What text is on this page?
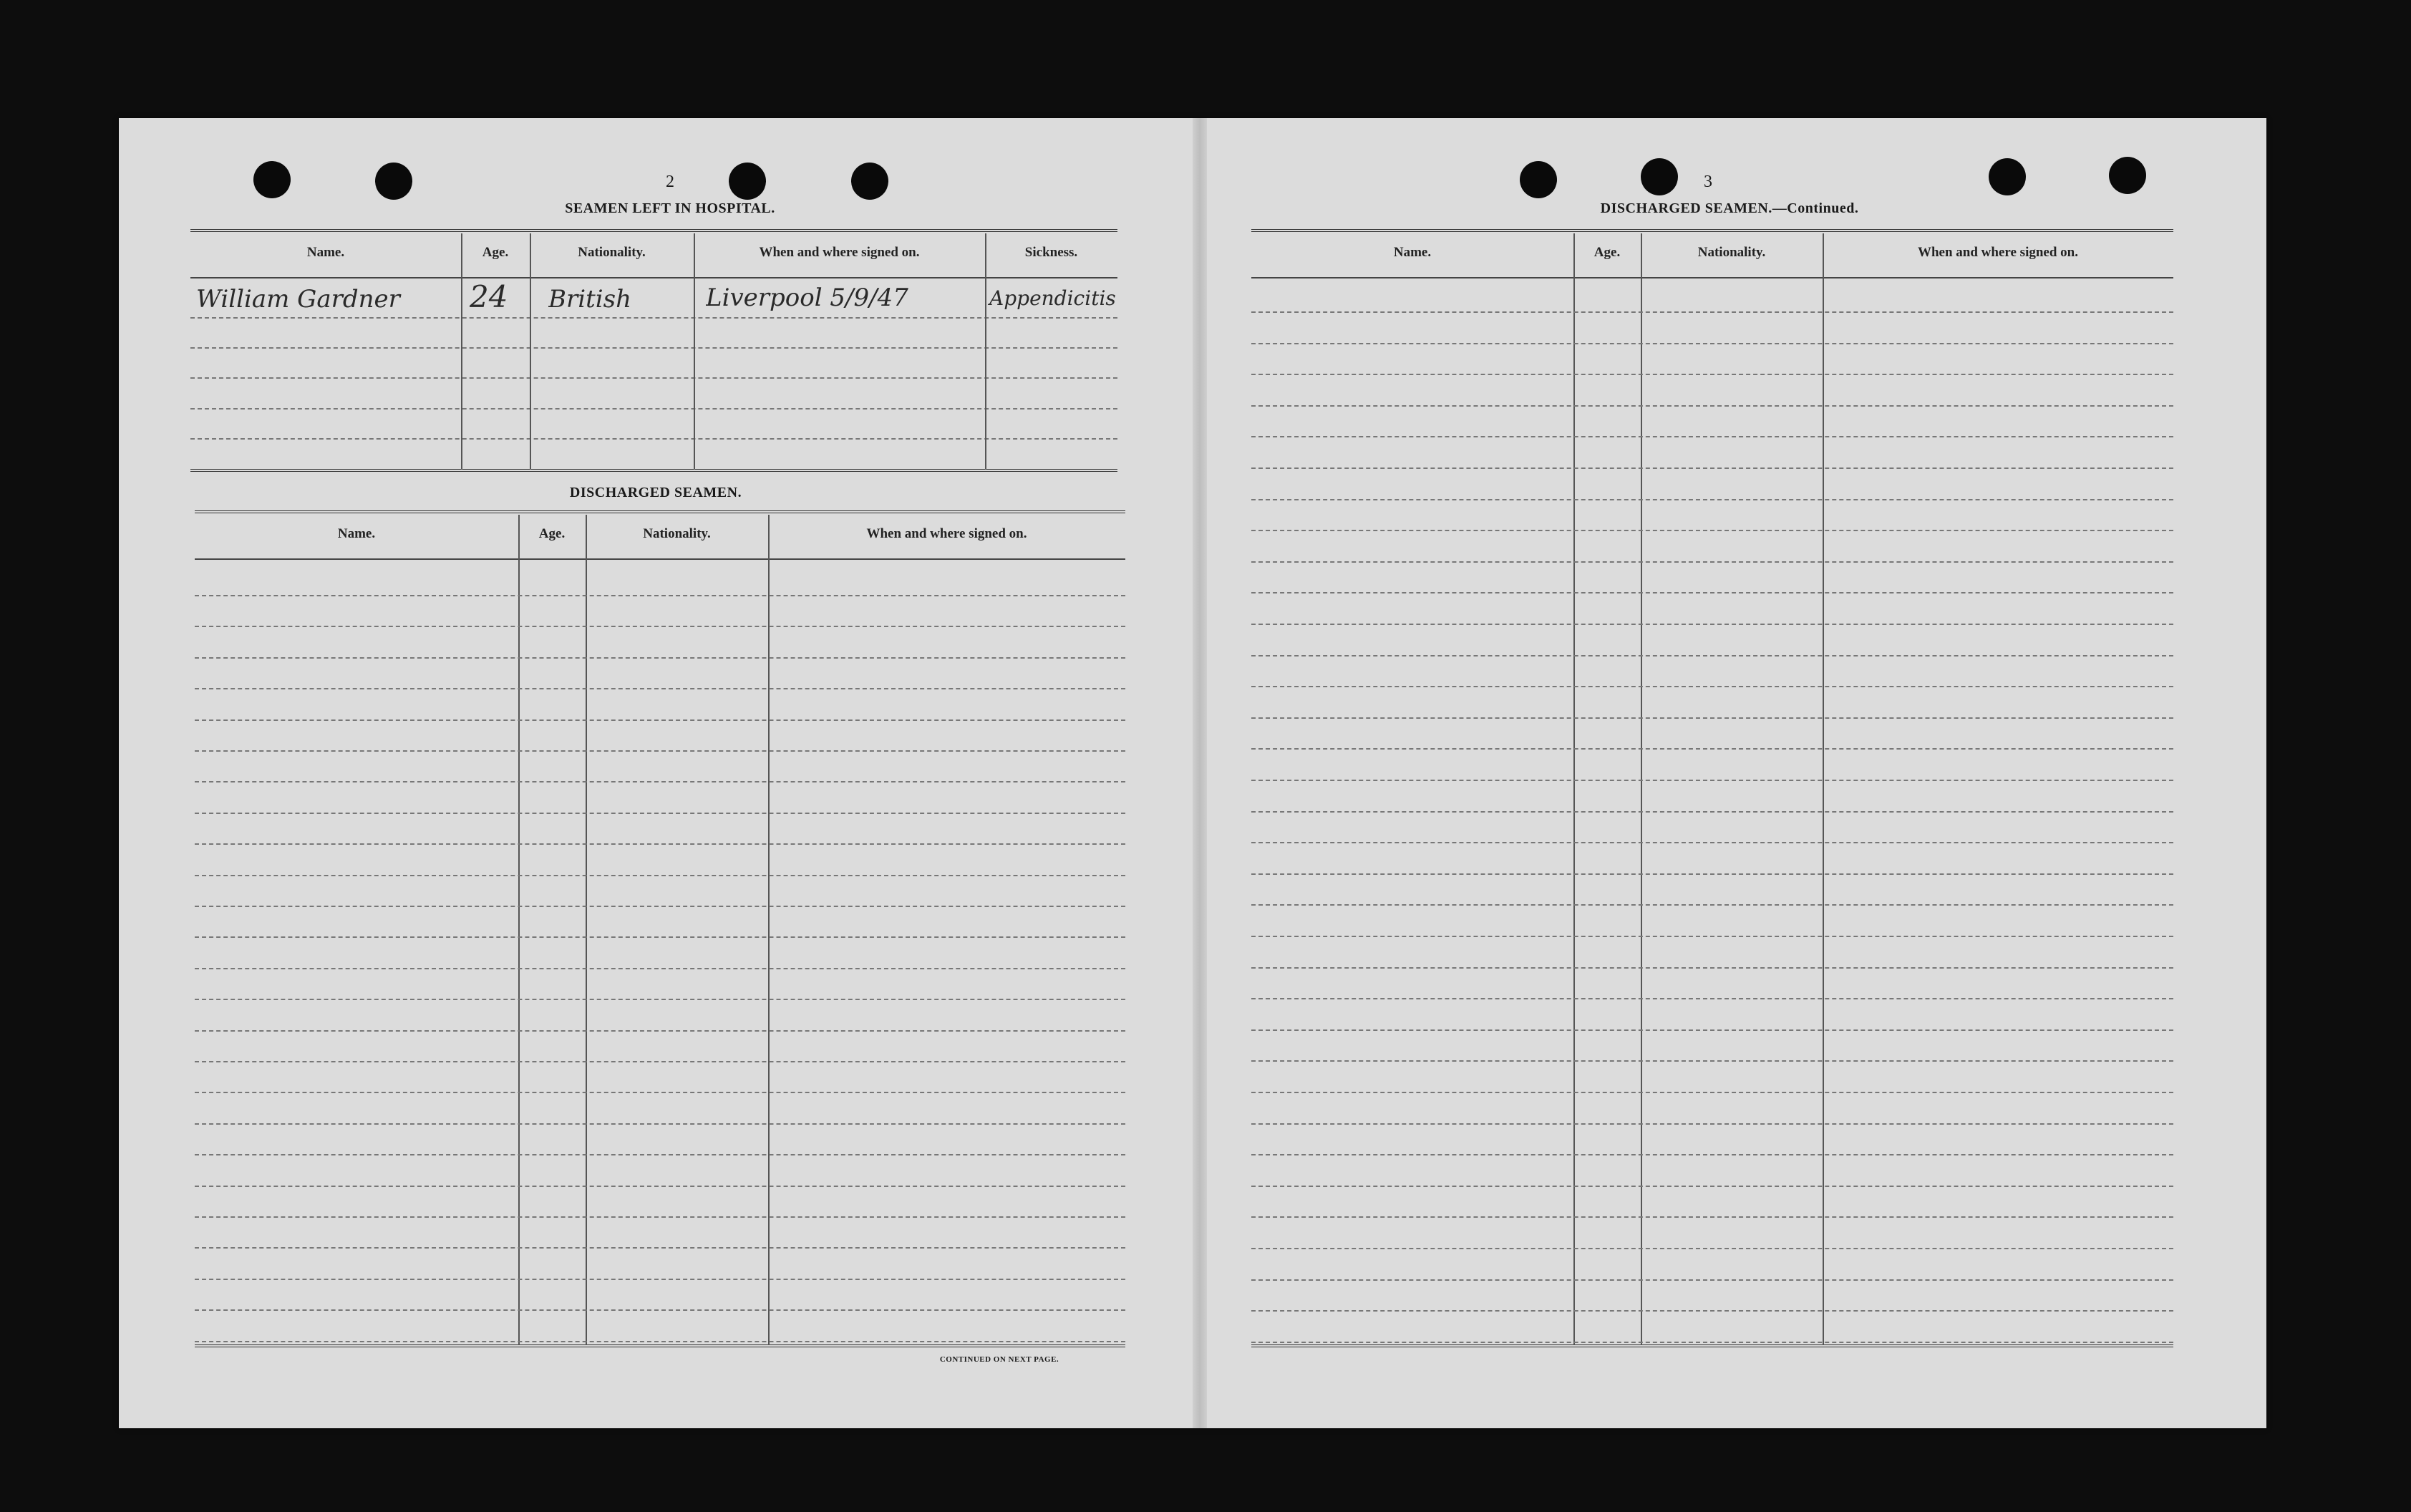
2
SEAMEN LEFT IN HOSPITAL.
Name.	Age.	Nationality.	When and where signed on.	Sickness.
William Gardner	24	British	Liverpool 5/9/47	Appendicitis
DISCHARGED SEAMEN.
Name.	Age.	Nationality.	When and where signed on.
CONTINUED ON NEXT PAGE.
3
DISCHARGED SEAMEN.—Continued.
Name.	Age.	Nationality.	When and where signed on.
